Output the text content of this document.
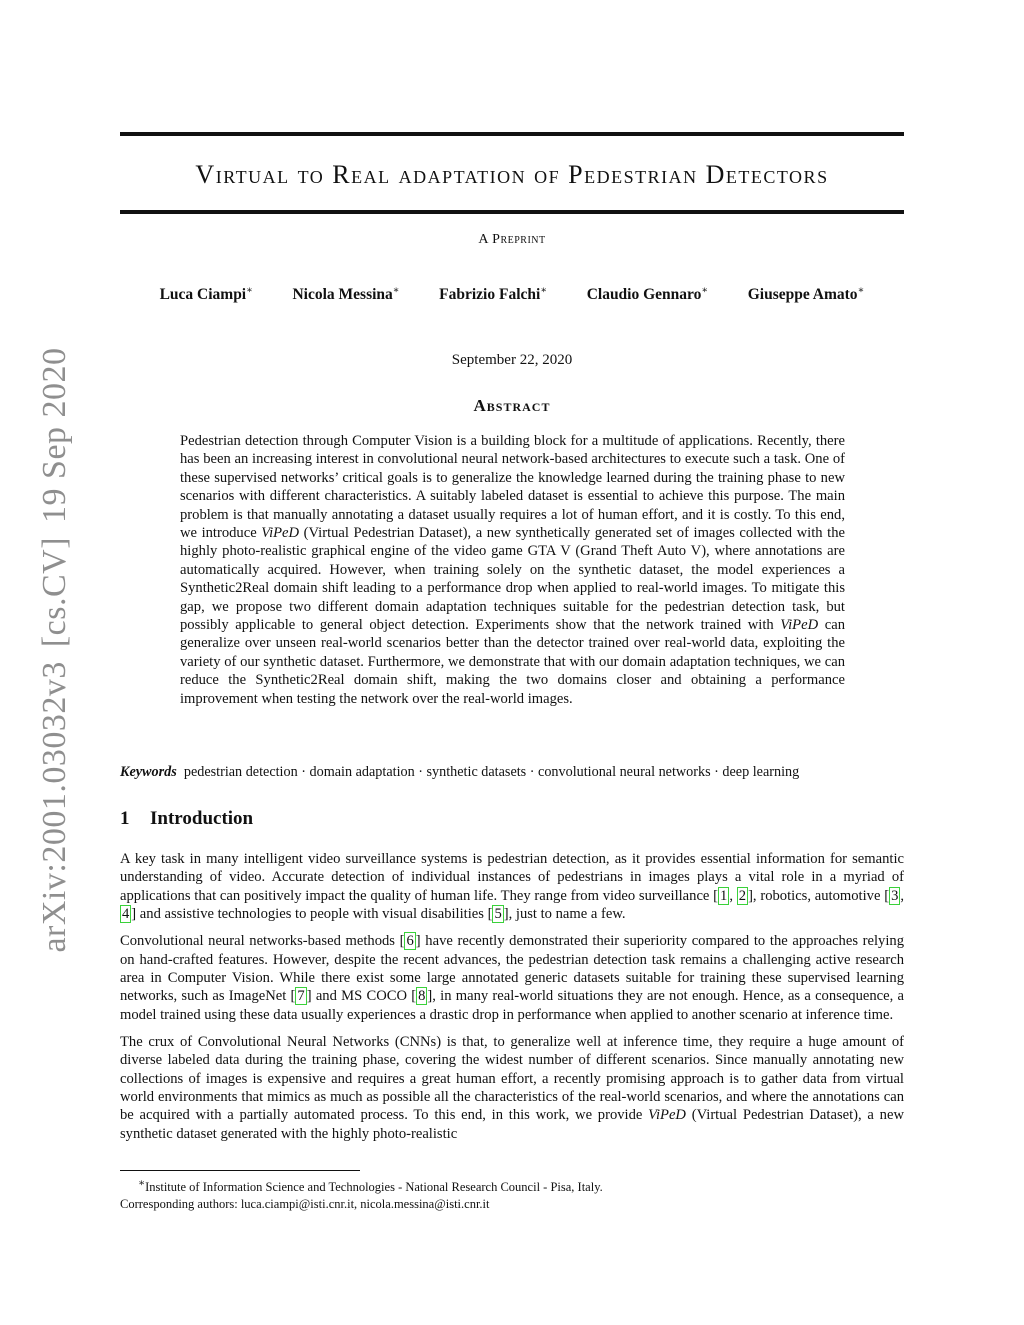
arXiv:2001.03032v3[cs.CV]19 Sep 2020
Virtual to Real adaptation of Pedestrian Detectors
A Preprint
Luca Ciampi∗	Nicola Messina∗	Fabrizio Falchi∗	Claudio Gennaro∗	Giuseppe Amato∗
September 22, 2020
Abstract
Pedestrian detection through Computer Vision is a building block for a multitude of applications. Recently, there has been an increasing interest in convolutional neural network-based architectures to execute such a task. One of these supervised networks’ critical goals is to generalize the knowledge learned during the training phase to new scenarios with different characteristics. A suitably labeled dataset is essential to achieve this purpose. The main problem is that manually annotating a dataset usually requires a lot of human effort, and it is costly. To this end, we introduce ViPeD (Virtual Pedestrian Dataset), a new synthetically generated set of images collected with the highly photo-realistic graphical engine of the video game GTA V (Grand Theft Auto V), where annotations are automatically acquired. However, when training solely on the synthetic dataset, the model experiences a Synthetic2Real domain shift leading to a performance drop when applied to real-world images. To mitigate this gap, we propose two different domain adaptation techniques suitable for the pedestrian detection task, but possibly applicable to general object detection. Experiments show that the network trained with ViPeD can generalize over unseen real-world scenarios better than the detector trained over real-world data, exploiting the variety of our synthetic dataset. Furthermore, we demonstrate that with our domain adaptation techniques, we can reduce the Synthetic2Real domain shift, making the two domains closer and obtaining a performance improvement when testing the network over the real-world images.
Keywords pedestrian detection · domain adaptation · synthetic datasets · convolutional neural networks · deep learning
1 Introduction

A key task in many intelligent video surveillance systems is pedestrian detection, as it provides essential information for semantic understanding of video. Accurate detection of individual instances of pedestrians in images plays a vital role in a myriad of applications that can positively impact the quality of human life. They range from video surveillance [ 1 , 2 ], robotics, automotive [ 3 , 4 ] and assistive technologies to people with visual disabilities [ 5 ], just to name a few.

Convolutional neural networks-based methods [ 6 ] have recently demonstrated their superiority compared to the approaches relying on hand-crafted features. However, despite the recent advances, the pedestrian detection task remains a challenging active research area in Computer Vision. While there exist some large annotated generic datasets suitable for training these supervised learning networks, such as ImageNet [ 7 ] and MS COCO [ 8 ], in many real-world situations they are not enough. Hence, as a consequence, a model trained using these data usually experiences a drastic drop in performance when applied to another scenario at inference time.

The crux of Convolutional Neural Networks (CNNs) is that, to generalize well at inference time, they require a huge amount of diverse labeled data during the training phase, covering the widest number of different scenarios. Since manually annotating new collections of images is expensive and requires a great human effort, a recently promising approach is to gather data from virtual world environments that mimics as much as possible all the characteristics of the real-world scenarios, and where the annotations can be acquired with a partially automated process. To this end, in this work, we provide ViPeD (Virtual Pedestrian Dataset), a new synthetic dataset generated with the highly photo-realistic

∗Institute of Information Science and Technologies - National Research Council - Pisa, Italy.
Corresponding authors: luca.ciampi@isti.cnr.it, nicola.messina@isti.cnr.it
